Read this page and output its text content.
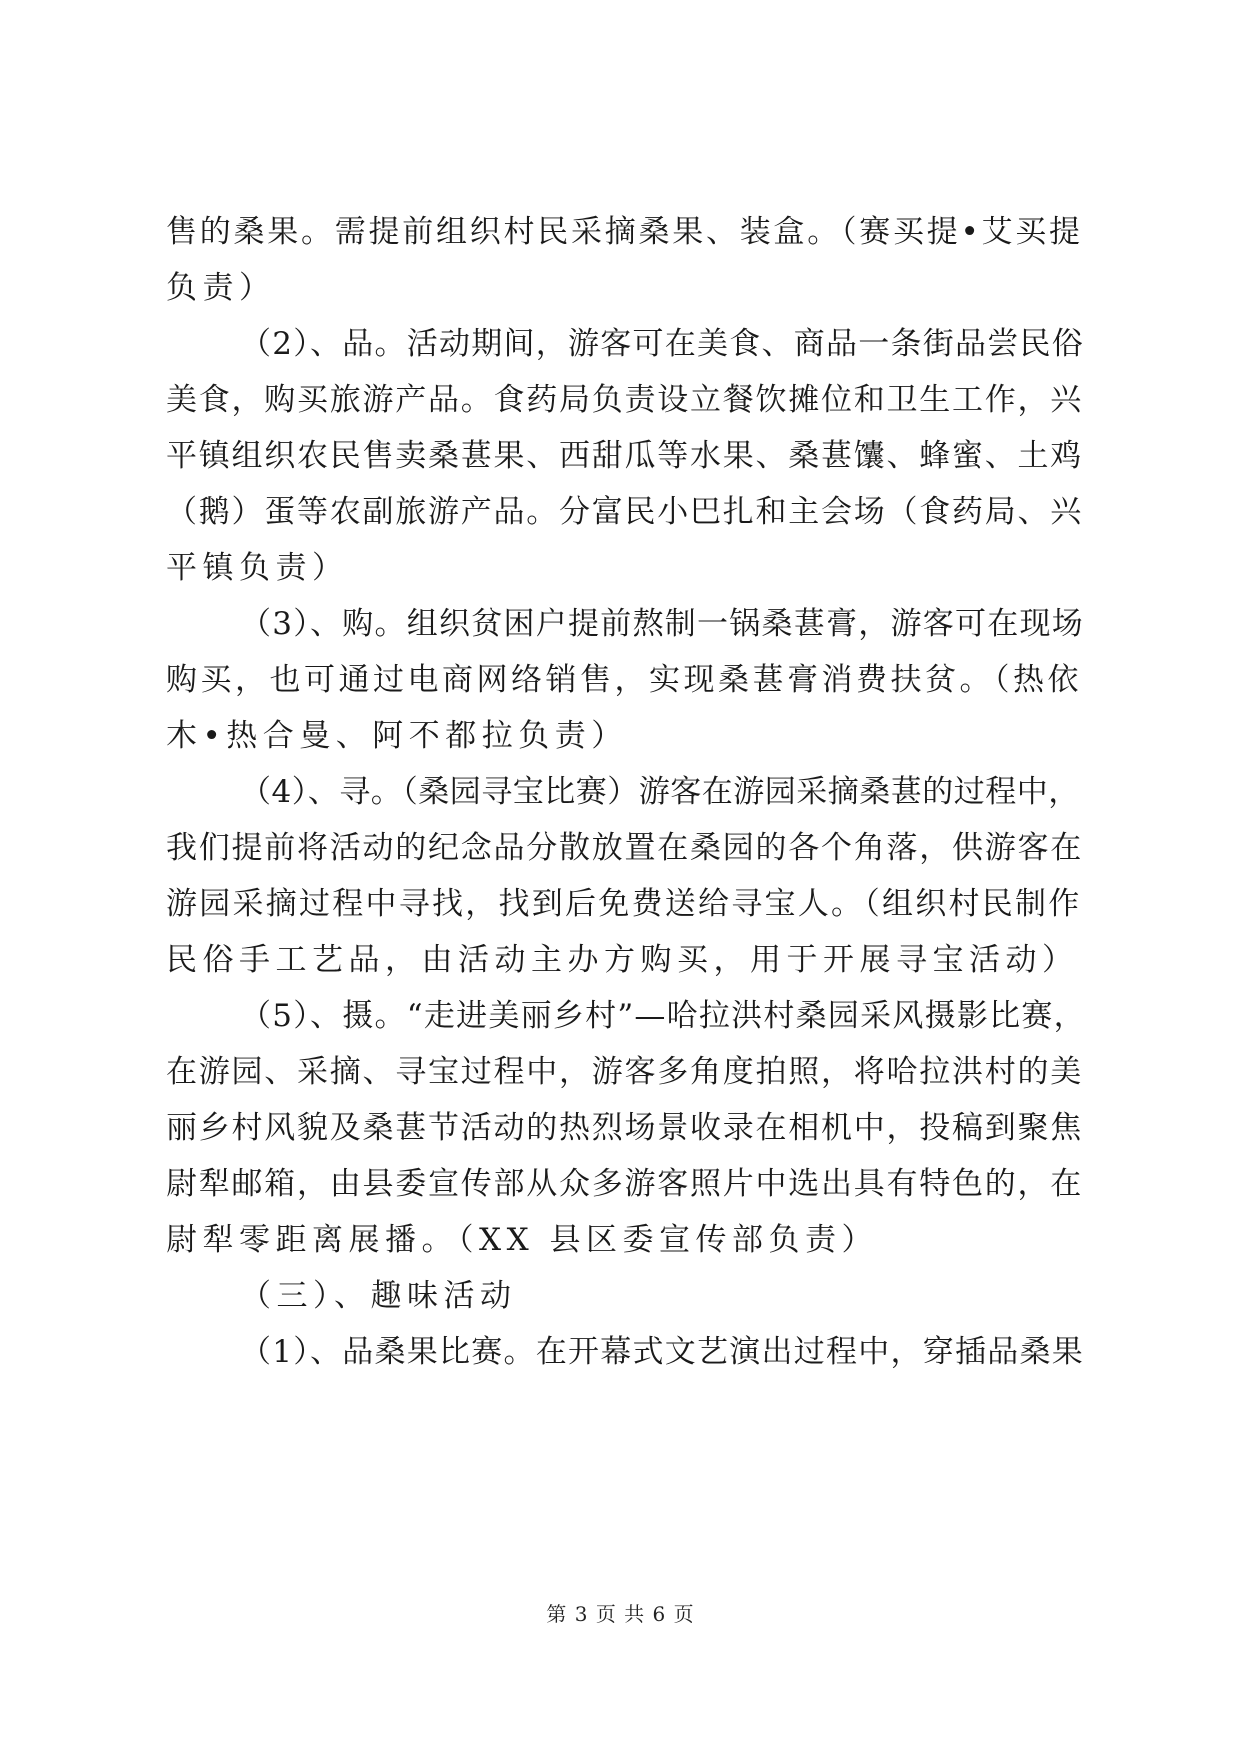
售的桑果。需提前组织村民采摘桑果、装盒。（赛买提•艾买提
负责）
（2）、品。活动期间，游客可在美食、商品一条街品尝民俗
美食，购买旅游产品。食药局负责设立餐饮摊位和卫生工作，兴
平镇组织农民售卖桑葚果、西甜瓜等水果、桑葚馕、蜂蜜、土鸡
（鹅）蛋等农副旅游产品。分富民小巴扎和主会场（食药局、兴
平镇负责）
（3）、购。组织贫困户提前熬制一锅桑葚膏，游客可在现场
购买，也可通过电商网络销售，实现桑葚膏消费扶贫。（热依
木•热合曼、阿不都拉负责）
（4）、寻。（桑园寻宝比赛）游客在游园采摘桑葚的过程中，
我们提前将活动的纪念品分散放置在桑园的各个角落，供游客在
游园采摘过程中寻找，找到后免费送给寻宝人。（组织村民制作
民俗手工艺品，由活动主办方购买，用于开展寻宝活动）
（5）、摄。“走进美丽乡村”—哈拉洪村桑园采风摄影比赛，
在游园、采摘、寻宝过程中，游客多角度拍照，将哈拉洪村的美
丽乡村风貌及桑葚节活动的热烈场景收录在相机中，投稿到聚焦
尉犁邮箱，由县委宣传部从众多游客照片中选出具有特色的，在
尉犁零距离展播。（XX 县区委宣传部负责）
（三）、趣味活动
（1）、品桑果比赛。在开幕式文艺演出过程中，穿插品桑果
第 3 页 共 6 页
